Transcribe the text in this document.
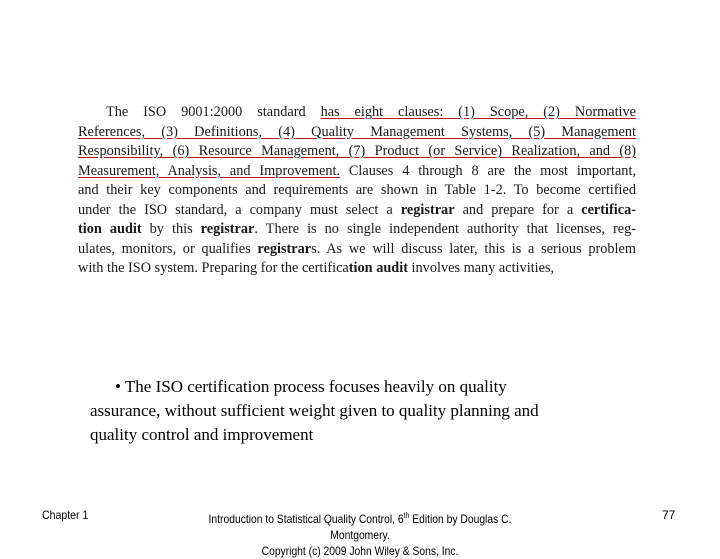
The ISO 9001:2000 standard has eight clauses: (1) Scope, (2) Normative
References, (3) Definitions, (4) Quality Management Systems, (5) Management
Responsibility, (6) Resource Management, (7) Product (or Service) Realization, and (8)
Measurement, Analysis, and Improvement. Clauses 4 through 8 are the most important,
and their key components and requirements are shown in Table 1-2. To become certified
under the ISO standard, a company must select a registrar and prepare for a certifica-
tion audit by this registrar. There is no single independent authority that licenses, reg-
ulates, monitors, or qualifies registrars. As we will discuss later, this is a serious problem
with the ISO system. Preparing for the certification audit involves many activities,
• The ISO certification process focuses heavily on quality
assurance, without sufficient weight given to quality planning and
quality control and improvement
Chapter 1	Introduction to Statistical Quality Control, 6th Edition by Douglas C. Montgomery.
Copyright (c) 2009 John Wiley & Sons, Inc.
77
